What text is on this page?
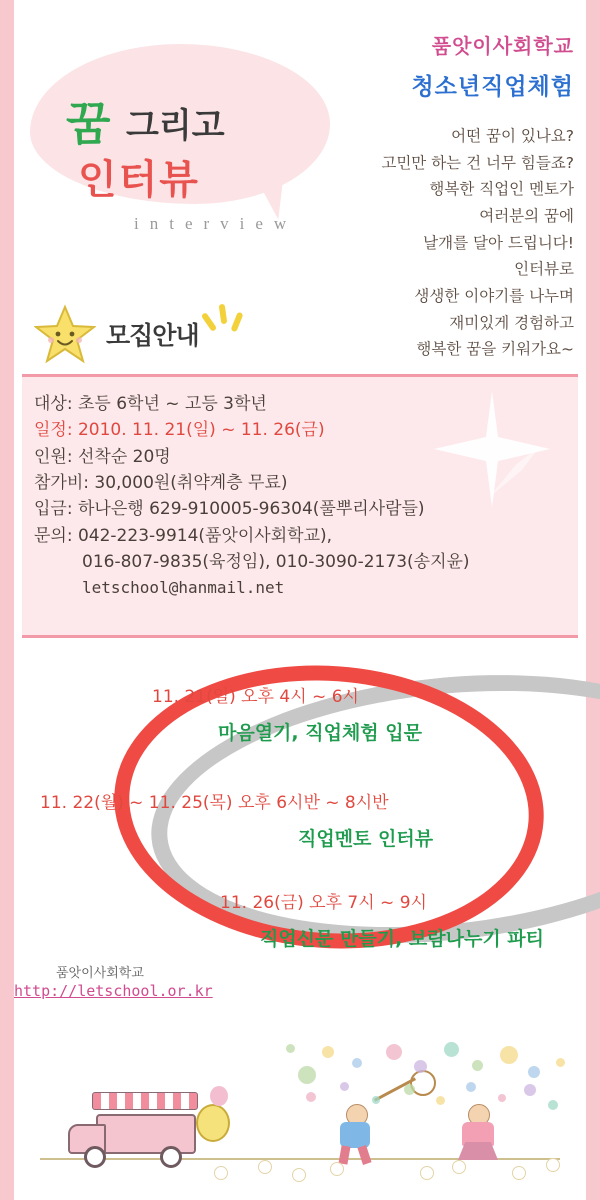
꿈 그리고
인터뷰
interview
품앗이사회학교
청소년직업체험
어떤 꿈이 있나요?
고민만 하는 건 너무 힘들죠?
행복한 직업인 멘토가
여러분의 꿈에
날개를 달아 드립니다!
인터뷰로
생생한 이야기를 나누며
재미있게 경험하고
행복한 꿈을 키워가요~
모집안내
대상: 초등 6학년 ~ 고등 3학년
일정: 2010. 11. 21(일) ~ 11. 26(금)
인원: 선착순 20명
참가비: 30,000원(취약계층 무료)
입금: 하나은행 629-910005-96304(풀뿌리사람들)
문의: 042-223-9914(품앗이사회학교),
016-807-9835(육정임), 010-3090-2173(송지윤)
letschool@hanmail.net
11. 21(일) 오후 4시 ~ 6시
마음열기, 직업체험 입문
11. 22(월) ~ 11. 25(목) 오후 6시반 ~ 8시반
직업멘토 인터뷰
11. 26(금) 오후 7시 ~ 9시
직업신문 만들기, 보람나누기 파티
품앗이사회학교
http://letschool.or.kr
